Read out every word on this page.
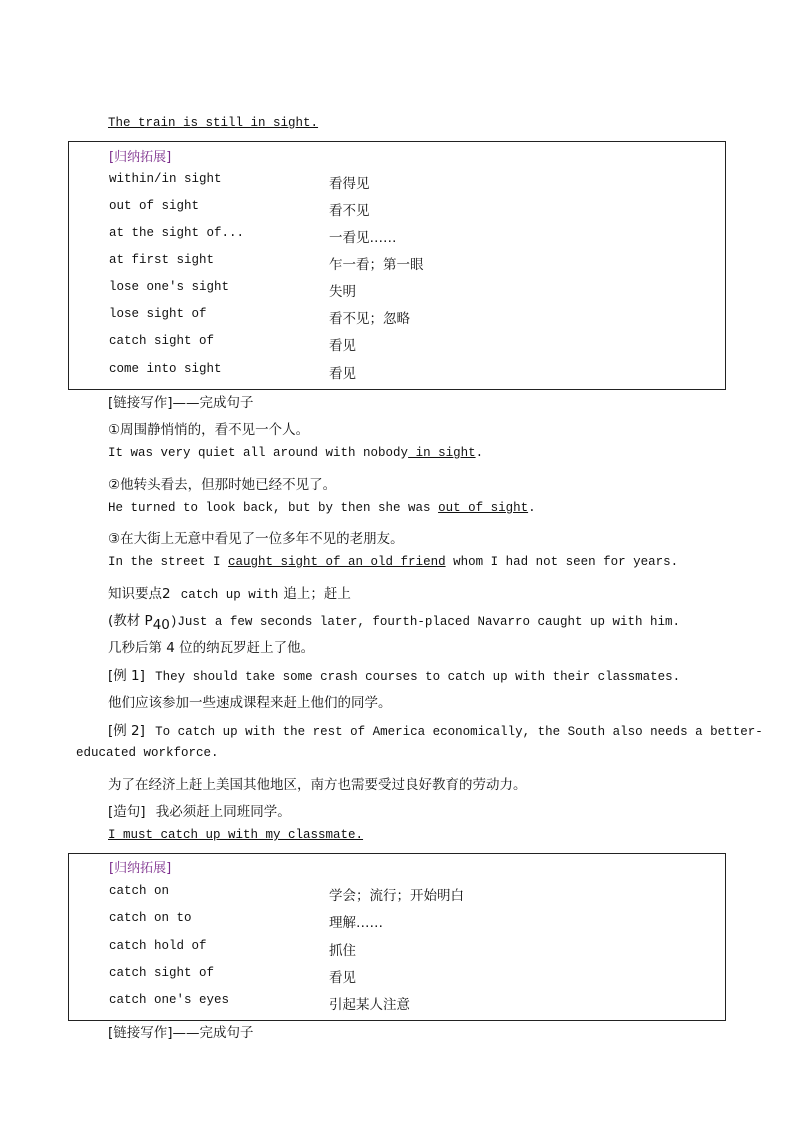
The train is still in sight.
[归纳拓展]
within/in sight	看得见
out of sight	看不见
at the sight of...	一看见……
at first sight	乍一看；第一眼
lose one's sight	失明
lose sight of	看不见；忽略
catch sight of	看见
come into sight	看见
[链接写作]——完成句子
①周围静悄悄的，看不见一个人。
It was very quiet all around with nobody in sight.
②他转头看去，但那时她已经不见了。
He turned to look back, but by then she was out of sight.
③在大街上无意中看见了一位多年不见的老朋友。
In the street I caught sight of an old friend whom I had not seen for years.
知识要点2 catch up with 追上；赶上
(教材 $P_{40})Just$ a few seconds later, fourth-placed Navarro caught up with him.
几秒后第 4 位的纳瓦罗赶上了他。
[例 1] They should take some crash courses to catch up with their classmates.
他们应该参加一些速成课程来赶上他们的同学。
[例 2] To catch up with the rest of America economically, the South also needs a better-
educated workforce.
为了在经济上赶上美国其他地区，南方也需要受过良好教育的劳动力。
[造句] 我必须赶上同班同学。
I must catch up with my classmate.
[归纳拓展]
catch on	学会；流行；开始明白
catch on to	理解……
catch hold of	抓住
catch sight of	看见
catch one's eyes	引起某人注意
[链接写作]——完成句子
